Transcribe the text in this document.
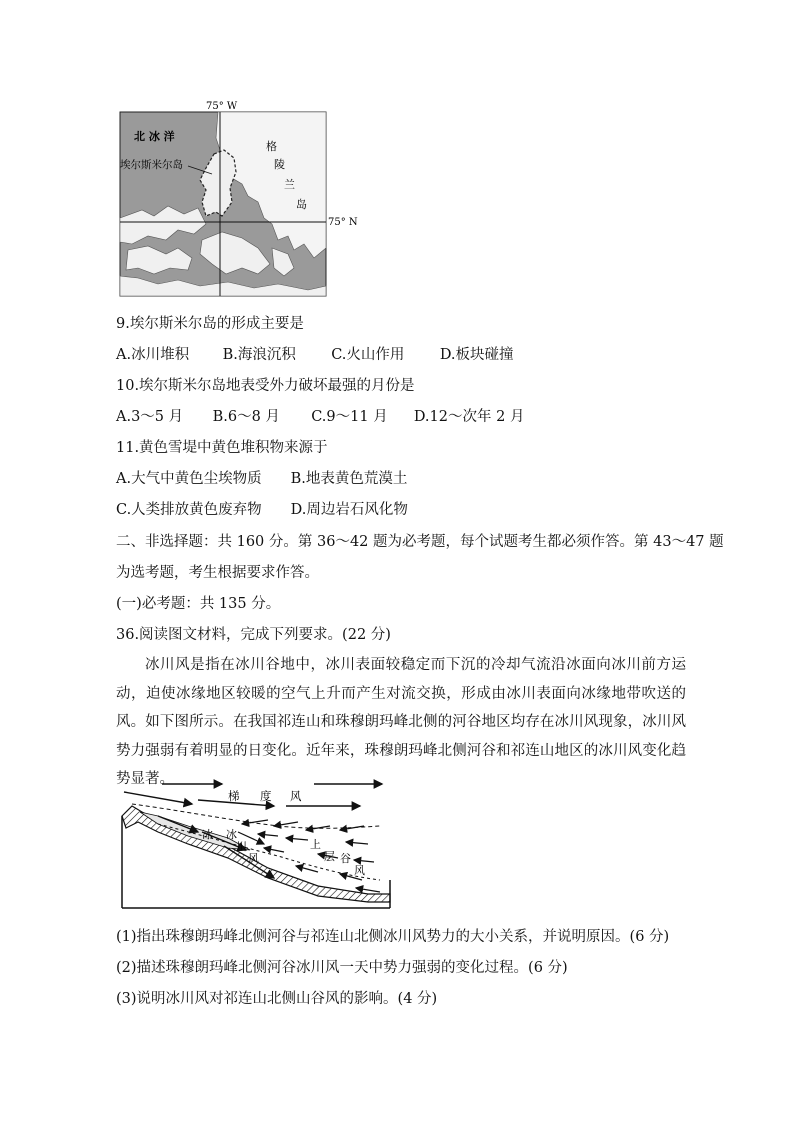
75° W
75° N
北 冰 洋
埃尔斯米尔岛
格
陵
兰
岛
9.埃尔斯米尔岛的形成主要是
A.冰川堆积 B.海浪沉积 C.火山作用 D.板块碰撞
10.埃尔斯米尔岛地表受外力破坏最强的月份是
A.3～5 月 B.6～8 月 C.9～11 月 D.12～次年 2 月
11.黄色雪堤中黄色堆积物来源于
A.大气中黄色尘埃物质 B.地表黄色荒漠土
C.人类排放黄色废弃物 D.周边岩石风化物
二、非选择题：共 160 分。第 36～42 题为必考题，每个试题考生都必须作答。第 43～47 题
为选考题，考生根据要求作答。
(一)必考题：共 135 分。
36.阅读图文材料，完成下列要求。(22 分)
冰川风是指在冰川谷地中，冰川表面较稳定而下沉的冷却气流沿冰面向冰川前方运动，迫使冰缘地区较暖的空气上升而产生对流交换，形成由冰川表面向冰缘地带吹送的风。如下图所示。在我国祁连山和珠穆朗玛峰北侧的河谷地区均存在冰川风现象，冰川风势力强弱有着明显的日变化。近年来，珠穆朗玛峰北侧河谷和祁连山地区的冰川风变化趋势显著。
梯 度 风
冰 冰
川
风
上
层 谷
风
(1)指出珠穆朗玛峰北侧河谷与祁连山北侧冰川风势力的大小关系，并说明原因。(6 分)
(2)描述珠穆朗玛峰北侧河谷冰川风一天中势力强弱的变化过程。(6 分)
(3)说明冰川风对祁连山北侧山谷风的影响。(4 分)
